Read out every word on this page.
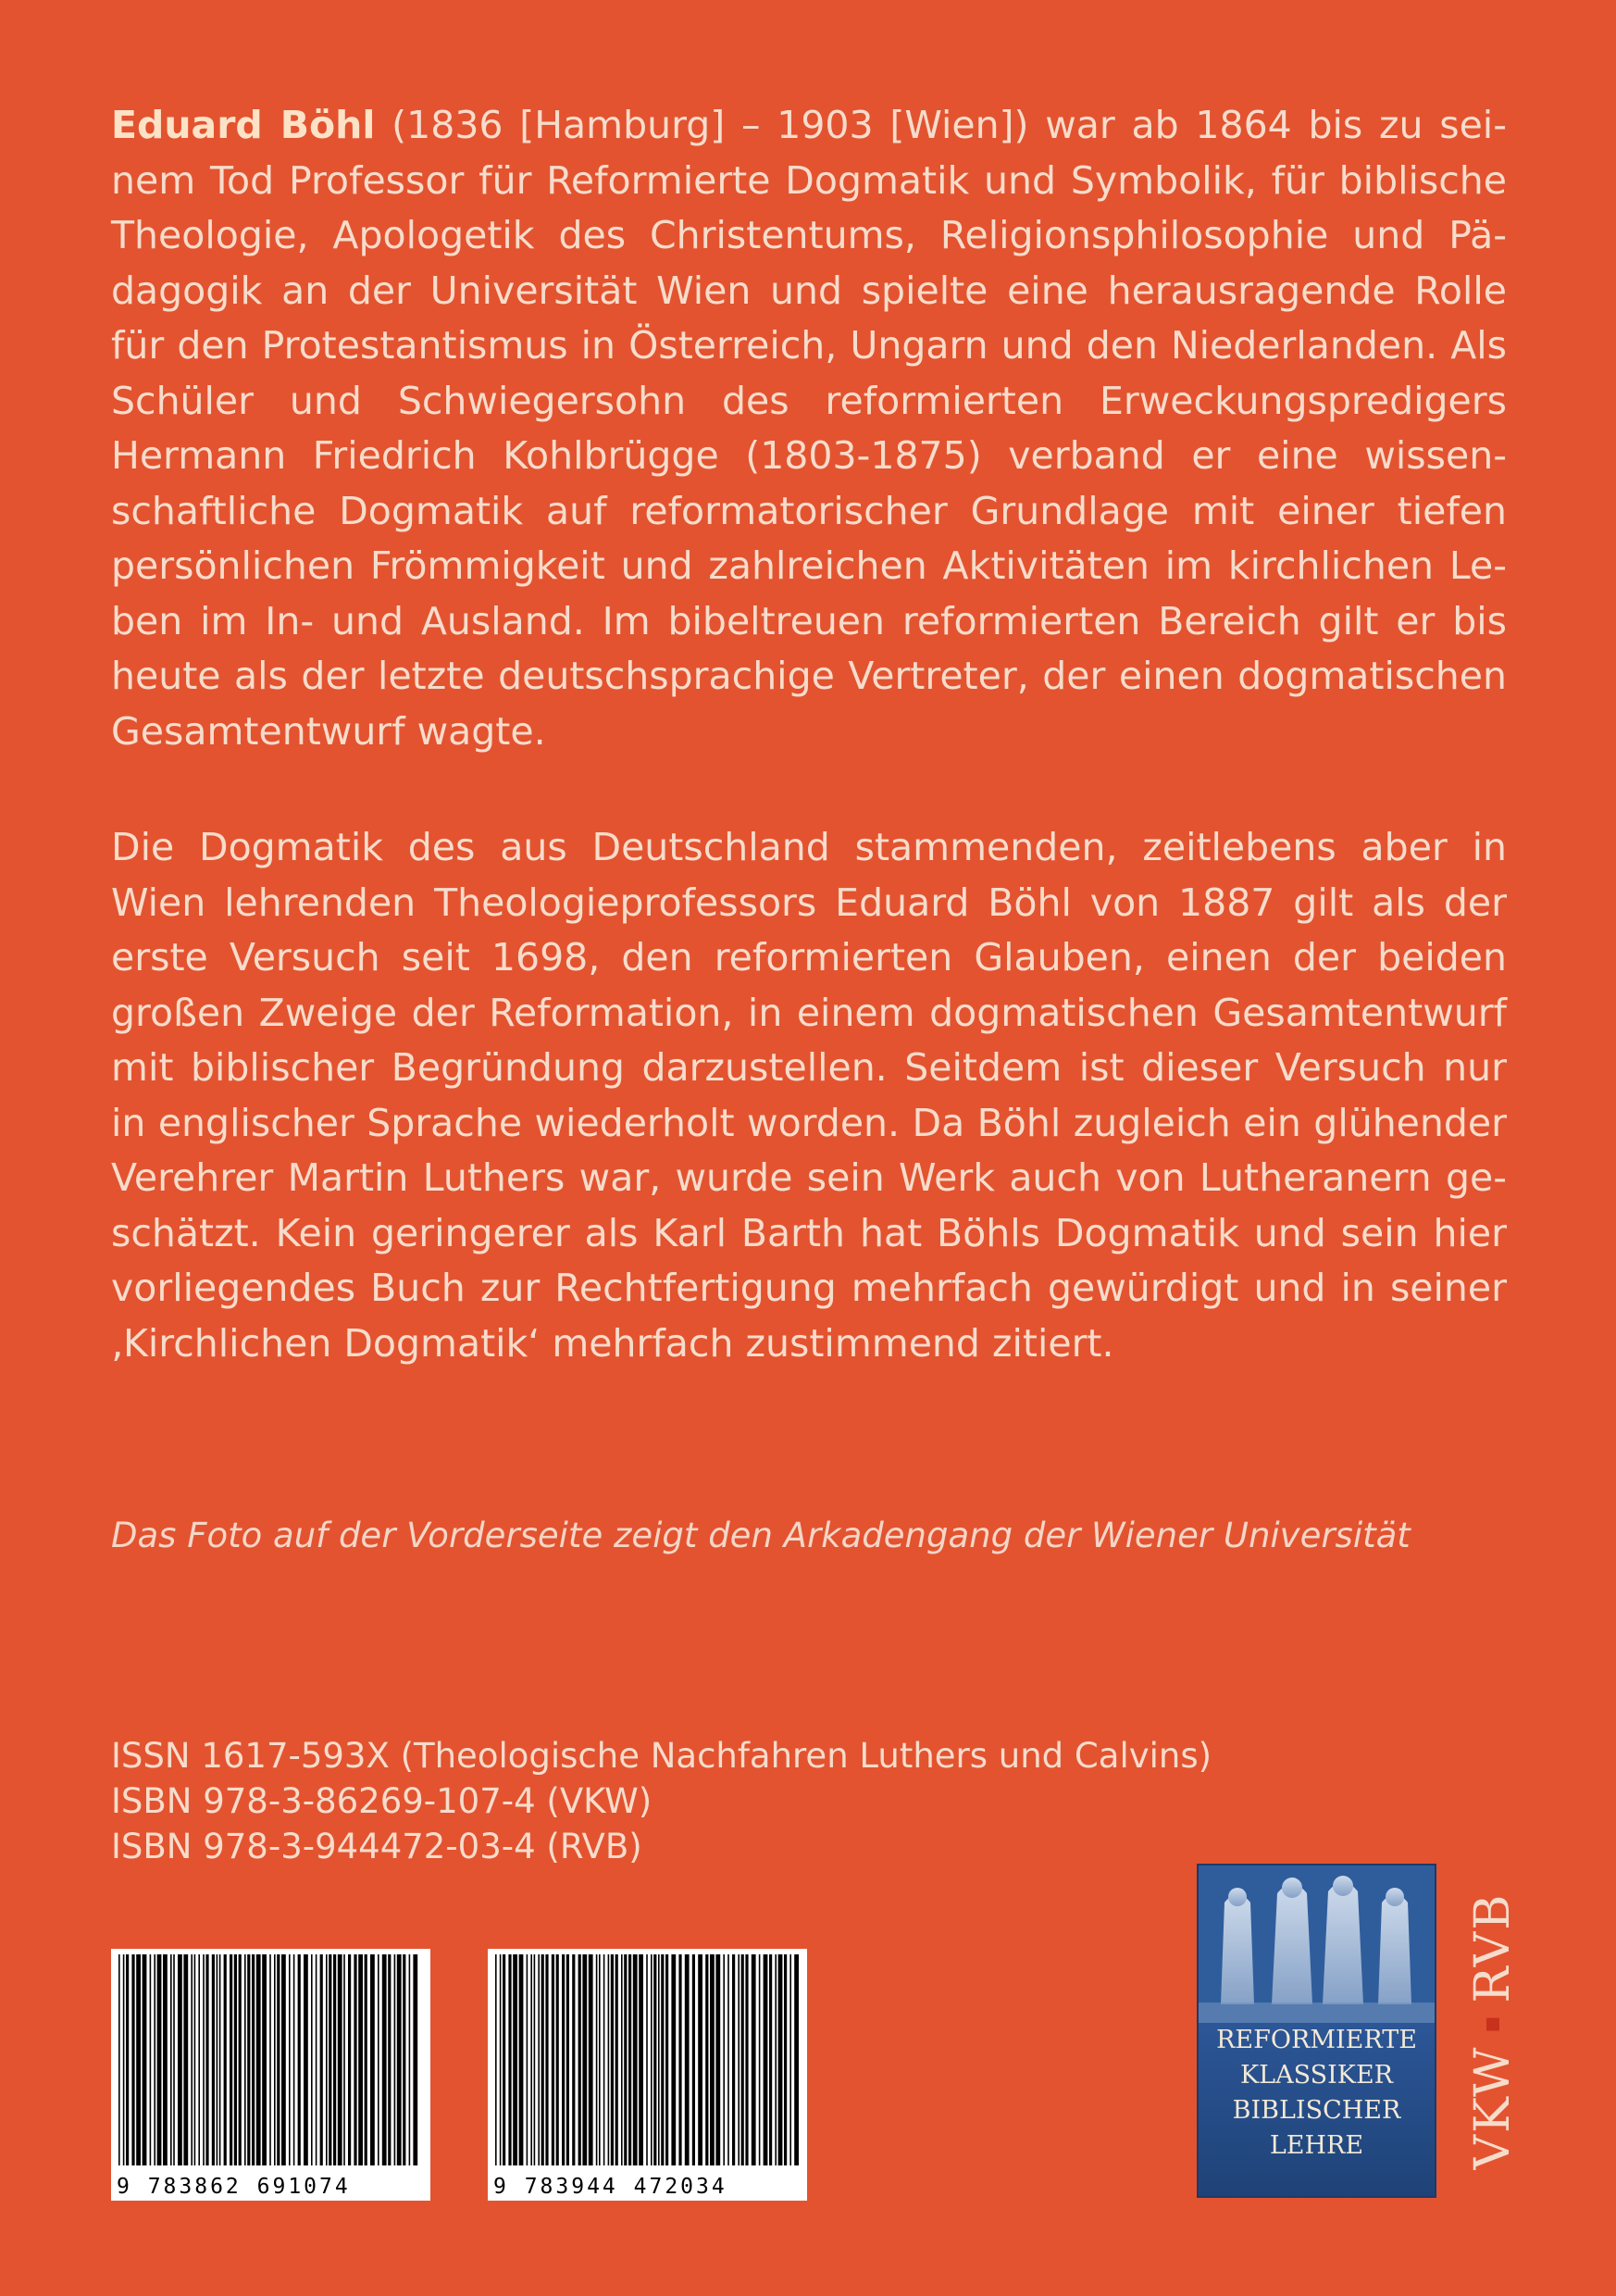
Eduard Böhl (1836 [Hamburg] – 1903 [Wien]) war ab 1864 bis zu seinem Tod Professor für Reformierte Dogmatik und Symbolik, für biblische Theologie, Apologetik des Christentums, Religionsphilosophie und Pädagogik an der Universität Wien und spielte eine herausragende Rolle für den Protestantismus in Österreich, Ungarn und den Niederlanden. Als Schüler und Schwiegersohn des reformierten Erweckungspredigers Hermann Friedrich Kohlbrügge (1803-1875) verband er eine wissenschaftliche Dogmatik auf reformatorischer Grundlage mit einer tiefen persönlichen Frömmigkeit und zahlreichen Aktivitäten im kirchlichen Leben im In- und Ausland. Im bibeltreuen reformierten Bereich gilt er bis heute als der letzte deutschsprachige Vertreter, der einen dogmatischen Gesamtentwurf wagte.

Die Dogmatik des aus Deutschland stammenden, zeitlebens aber in Wien lehrenden Theologieprofessors Eduard Böhl von 1887 gilt als der erste Versuch seit 1698, den reformierten Glauben, einen der beiden großen Zweige der Reformation, in einem dogmatischen Gesamtentwurf mit biblischer Begründung darzustellen. Seitdem ist dieser Versuch nur in englischer Sprache wiederholt worden. Da Böhl zugleich ein glühender Verehrer Martin Luthers war, wurde sein Werk auch von Lutheranern geschätzt. Kein geringerer als Karl Barth hat Böhls Dogmatik und sein hier vorliegendes Buch zur Rechtfertigung mehrfach gewürdigt und in seiner ‚Kirchlichen Dogmatik‘ mehrfach zustimmend zitiert.

Das Foto auf der Vorderseite zeigt den Arkadengang der Wiener Universität

ISSN 1617-593X (Theologische Nachfahren Luthers und Calvins)
ISBN 978-3-86269-107-4 (VKW)
ISBN 978-3-944472-03-4 (RVB)
9 783862 691074	9 783944 472034
REFORMIERTE
KLASSIKER
BIBLISCHER
LEHRE	VKW
RVB
